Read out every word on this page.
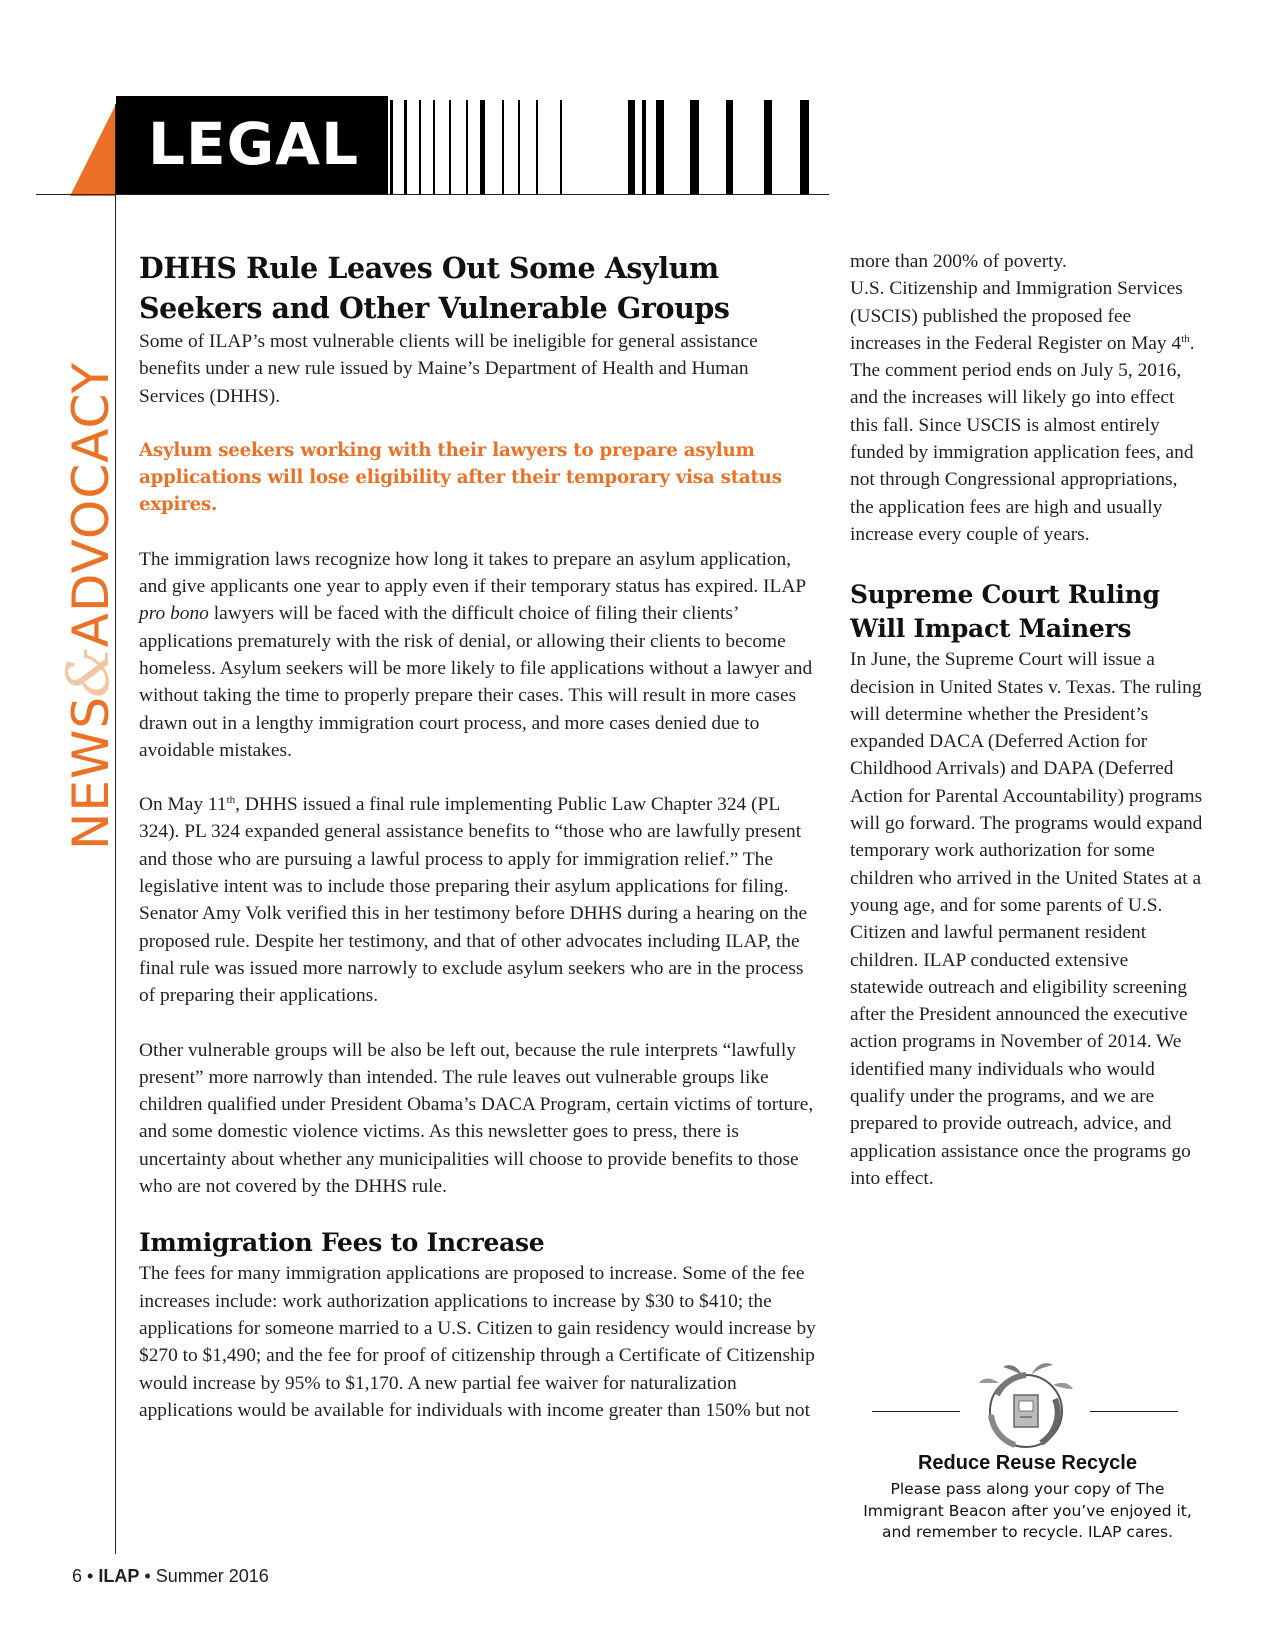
LEGAL
NEWS&ADVOCACY
DHHS Rule Leaves Out Some Asylum Seekers and Other Vulnerable Groups

Some of ILAP’s most vulnerable clients will be ineligible for general assistance benefits under a new rule issued by Maine’s Department of Health and Human Services (DHHS).

Asylum seekers working with their lawyers to prepare asylum applications will lose eligibility after their temporary visa status expires.

The immigration laws recognize how long it takes to prepare an asylum application, and give applicants one year to apply even if their temporary status has expired. ILAP pro bono lawyers will be faced with the difficult choice of filing their clients’ applications prematurely with the risk of denial, or allowing their clients to become homeless. Asylum seekers will be more likely to file applications without a lawyer and without taking the time to properly prepare their cases. This will result in more cases drawn out in a lengthy immigration court process, and more cases denied due to avoidable mistakes.

On May 11th, DHHS issued a final rule implementing Public Law Chapter 324 (PL 324). PL 324 expanded general assistance benefits to “those who are lawfully present and those who are pursuing a lawful process to apply for immigration relief.” The legislative intent was to include those preparing their asylum applications for filing. Senator Amy Volk verified this in her testimony before DHHS during a hearing on the proposed rule. Despite her testimony, and that of other advocates including ILAP, the final rule was issued more narrowly to exclude asylum seekers who are in the process of preparing their applications.

Other vulnerable groups will be also be left out, because the rule interprets “lawfully present” more narrowly than intended. The rule leaves out vulnerable groups like children qualified under President Obama’s DACA Program, certain victims of torture, and some domestic violence victims. As this newsletter goes to press, there is uncertainty about whether any municipalities will choose to provide benefits to those who are not covered by the DHHS rule.

Immigration Fees to Increase

The fees for many immigration applications are proposed to increase. Some of the fee increases include: work authorization applications to increase by $30 to $410; the applications for someone married to a U.S. Citizen to gain residency would increase by $270 to $1,490; and the fee for proof of citizenship through a Certificate of Citizenship would increase by 95% to $1,170. A new partial fee waiver for naturalization applications would be available for individuals with income greater than 150% but not

more than 200% of poverty.

U.S. Citizenship and Immigration Services (USCIS) published the proposed fee increases in the Federal Register on May 4th. The comment period ends on July 5, 2016, and the increases will likely go into effect this fall. Since USCIS is almost entirely funded by immigration application fees, and not through Congressional appropriations, the application fees are high and usually increase every couple of years.

Supreme Court Ruling
Will Impact Mainers

In June, the Supreme Court will issue a decision in United States v. Texas. The ruling will determine whether the President’s expanded DACA (Deferred Action for Childhood Arrivals) and DAPA (Deferred Action for Parental Accountability) programs will go forward. The programs would expand temporary work authorization for some children who arrived in the United States at a young age, and for some parents of U.S. Citizen and lawful permanent resident children. ILAP conducted extensive statewide outreach and eligibility screening after the President announced the executive action programs in November of 2014. We identified many individuals who would qualify under the programs, and we are prepared to provide outreach, advice, and application assistance once the programs go into effect.

Reduce Reuse Recycle
Please pass along your copy of The Immigrant Beacon after you’ve enjoyed it, and remember to recycle. ILAP cares.
6 • ILAP • Summer 2016
